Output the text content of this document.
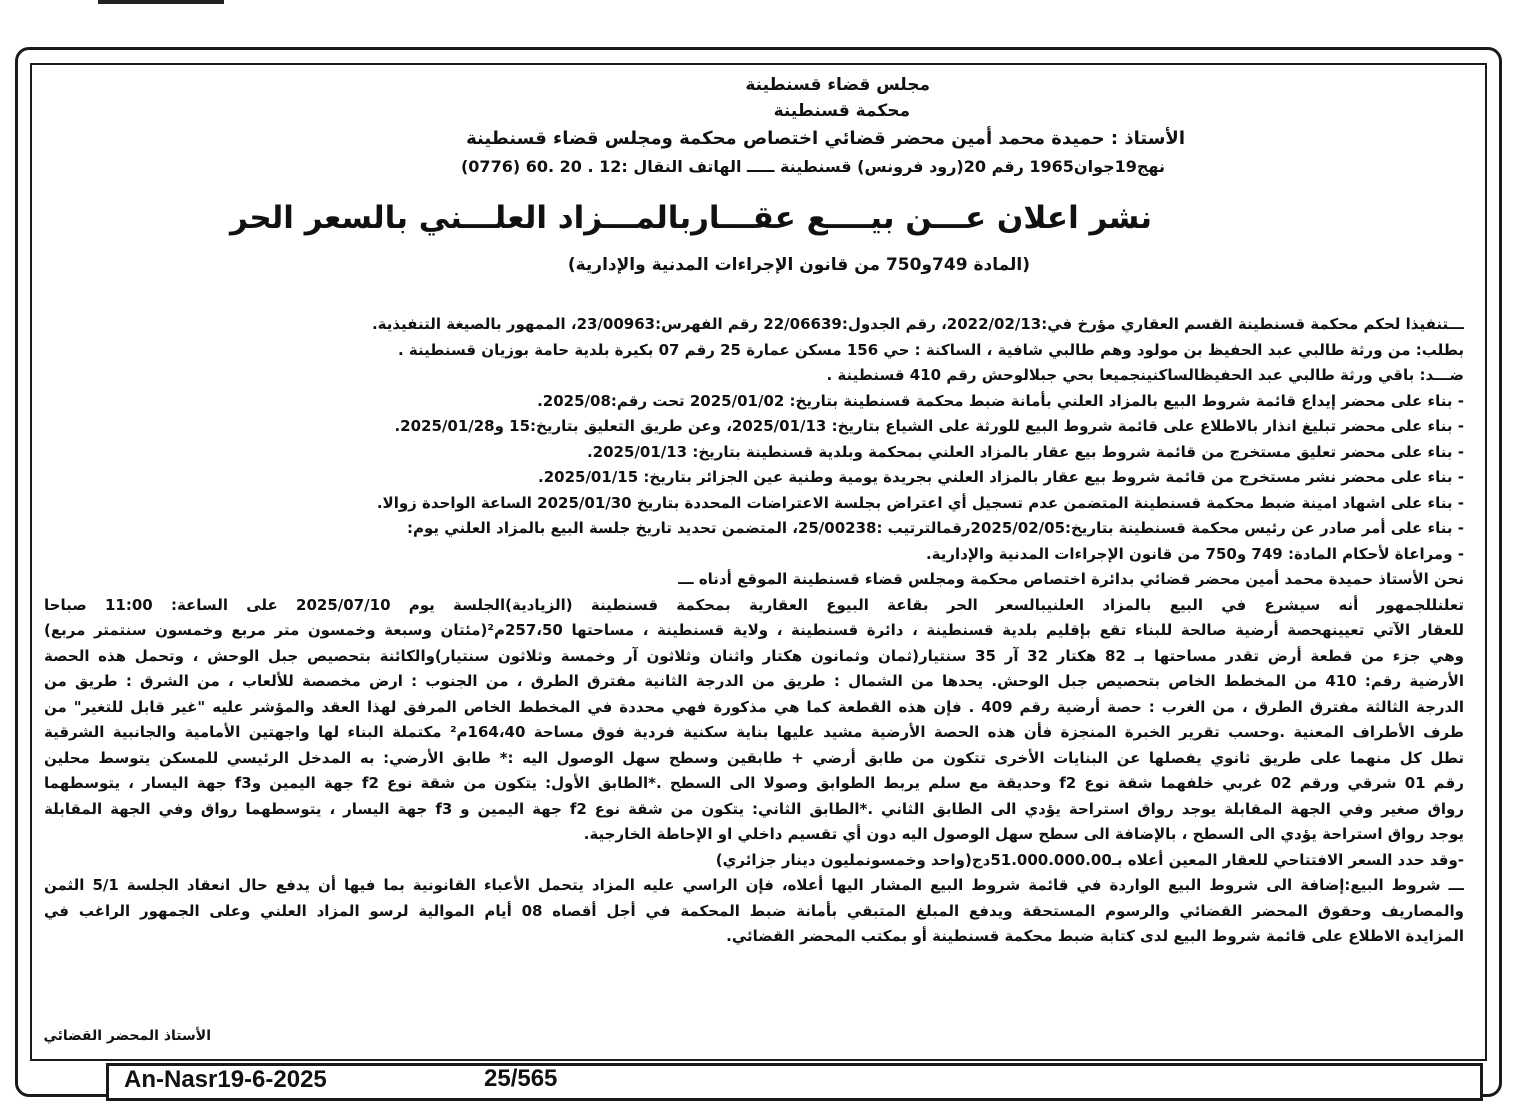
مجلس قضاء قسنطينة
محكمة قسنطينة
الأستاذ : حميدة محمد أمين محضر قضائي اختصاص محكمة ومجلس قضاء قسنطينة
نهج19جوان1965 رقم 20(رود فرونس) قسنطينة ـــــ الهاتف النقال :12 . 20 .60 (0776)
نشر اعلان عـــن بيــــع عقـــاربالمـــزاد العلـــني بالسعر الحر
(المادة 749و750 من قانون الإجراءات المدنية والإدارية)

ـــتنفيذا لحكم محكمة قسنطينة القسم العقاري مؤرخ في:2022/02/13، رقم الجدول:22/06639 رقم الفهرس:23/00963، الممهور بالصيغة التنفيذية.

بطلب: من ورثة طالبي عبد الحفيظ بن مولود وهم طالبي شافية ، الساكنة : حي 156 مسكن عمارة 25 رقم 07 بكيرة بلدية حامة بوزيان قسنطينة .

ضـــد: باقي ورثة طالبي عبد الحفيظالساكنينجميعا بحي جبلالوحش رقم 410 قسنطينة .

- بناء على محضر إيداع قائمة شروط البيع بالمزاد العلني بأمانة ضبط محكمة قسنطينة بتاريخ: 2025/01/02 تحت رقم:2025/08.

- بناء على محضر تبليغ انذار بالاطلاع على قائمة شروط البيع للورثة على الشياع بتاريخ: 2025/01/13، وعن طريق التعليق بتاريخ:15 و2025/01/28.

- بناء على محضر تعليق مستخرج من قائمة شروط بيع عقار بالمزاد العلني بمحكمة وبلدية قسنطينة بتاريخ: 2025/01/13.

- بناء على محضر نشر مستخرج من قائمة شروط بيع عقار بالمزاد العلني بجريدة يومية وطنية عين الجزائر بتاريخ: 2025/01/15.

- بناء على اشهاد امينة ضبط محكمة قسنطينة المتضمن عدم تسجيل أي اعتراض بجلسة الاعتراضات المحددة بتاريخ 2025/01/30 الساعة الواحدة زوالا.

- بناء على أمر صادر عن رئيس محكمة قسنطينة بتاريخ:2025/02/05رقمالترتيب :25/00238، المتضمن تحديد تاريخ جلسة البيع بالمزاد العلني يوم:

- ومراعاة لأحكام المادة: 749 و750 من قانون الإجراءات المدنية والإدارية.

نحن الأستاذ حميدة محمد أمين محضر قضائي بدائرة اختصاص محكمة ومجلس قضاء قسنطينة الموقع أدناه ـــ

تعلنللجمهور أنه سيشرع في البيع بالمزاد العلنيبالسعر الحر بقاعة البيوع العقارية بمحكمة قسنطينة (الزيادية)الجلسة يوم 2025/07/10 على الساعة: 11:00 صباحا

للعقار الآتي تعيينهحصة أرضية صالحة للبناء تقع بإقليم بلدية قسنطينة ، دائرة قسنطينة ، ولاية قسنطينة ، مساحتها 257،50م²(مئتان وسبعة وخمسون متر مربع وخمسون سنتمتر مربع)

وهي جزء من قطعة أرض تقدر مساحتها بـ 82 هكتار 32 آر 35 سنتيار(ثمان وثمانون هكتار واثنان وثلاثون آر وخمسة وثلاثون سنتيار)والكائنة بتحصيص جبل الوحش ، وتحمل هذه الحصة

الأرضية رقم: 410 من المخطط الخاص بتحصيص جبل الوحش. يحدها من الشمال : طريق من الدرجة الثانية مفترق الطرق ، من الجنوب : ارض مخصصة للألعاب ، من الشرق : طريق من

الدرجة الثالثة مفترق الطرق ، من الغرب : حصة أرضية رقم 409 . فإن هذه القطعة كما هي مذكورة فهي محددة في المخطط الخاص المرفق لهذا العقد والمؤشر عليه "غير قابل للتغير" من

طرف الأطراف المعنية .وحسب تقرير الخبرة المنجزة فأن هذه الحصة الأرضية مشيد عليها بناية سكنية فردية فوق مساحة 164،40م² مكتملة البناء لها واجهتين الأمامية والجانبية الشرقية

تطل كل منهما على طريق ثانوي يفصلها عن البنايات الأخرى تتكون من طابق أرضي + طابقين وسطح سهل الوصول اليه :* طابق الأرضي: به المدخل الرئيسي للمسكن يتوسط محلين

رقم 01 شرقي ورقم 02 غربي خلفهما شقة نوع f2 وحديقة مع سلم يربط الطوابق وصولا الى السطح .*الطابق الأول: يتكون من شقة نوع f2 جهة اليمين وf3 جهة اليسار ، يتوسطهما

رواق صغير وفي الجهة المقابلة يوجد رواق استراحة يؤدي الى الطابق الثاني .*الطابق الثاني: يتكون من شقة نوع f2 جهة اليمين و f3 جهة اليسار ، يتوسطهما رواق وفي الجهة المقابلة

يوجد رواق استراحة يؤدي الى السطح ، بالإضافة الى سطح سهل الوصول اليه دون أي تقسيم داخلي او الإحاطة الخارجية.

-وقد حدد السعر الافتتاحي للعقار المعين أعلاه بـ51.000.000.00دج(واحد وخمسونمليون دينار جزائري)

ـــ شروط البيع:إضافة الى شروط البيع الواردة في قائمة شروط البيع المشار اليها أعلاه، فإن الراسي عليه المزاد يتحمل الأعباء القانونية بما فيها أن يدفع حال انعقاد الجلسة 5/1 الثمن

والمصاريف وحقوق المحضر القضائي والرسوم المستحقة ويدفع المبلغ المتبقي بأمانة ضبط المحكمة في أجل أقصاه 08 أيام الموالية لرسو المزاد العلني وعلى الجمهور الراغب في

المزايدة الاطلاع على قائمة شروط البيع لدى كتابة ضبط محكمة قسنطينة أو بمكتب المحضر القضائي.

الأستاذ المحضر القضائي
An-Nasr19-6-2025	25/565
